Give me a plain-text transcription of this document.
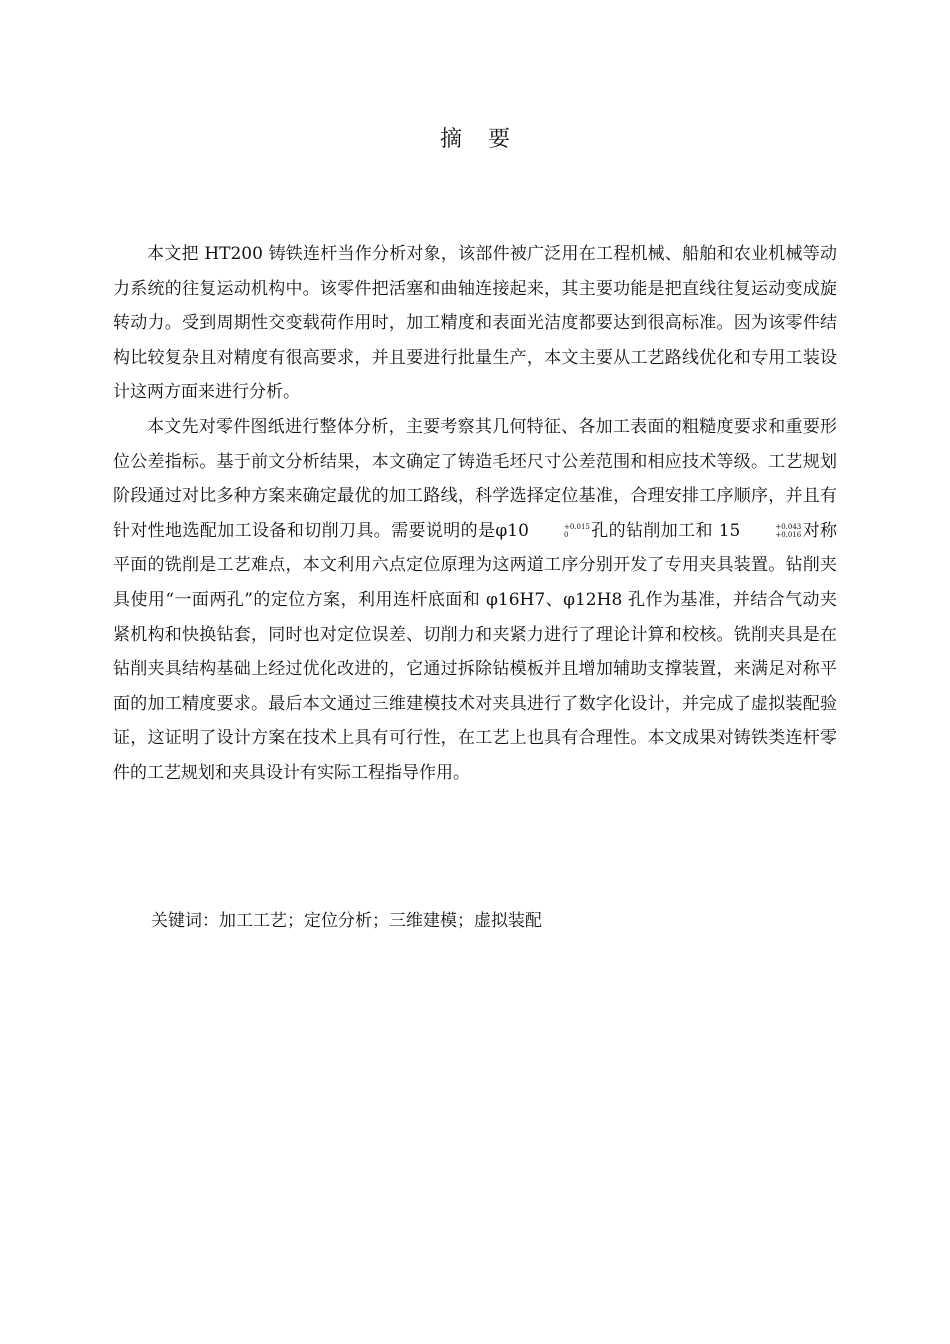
摘 要

本文把 HT200 铸铁连杆当作分析对象，该部件被广泛用在工程机械、船舶和农业机械等动力系统的往复运动机构中。该零件把活塞和曲轴连接起来，其主要功能是把直线往复运动变成旋转动力。受到周期性交变载荷作用时，加工精度和表面光洁度都要达到很高标准。因为该零件结构比较复杂且对精度有很高要求，并且要进行批量生产，本文主要从工艺路线优化和专用工装设计这两方面来进行分析。

本文先对零件图纸进行整体分析，主要考察其几何特征、各加工表面的粗糙度要求和重要形位公差指标。基于前文分析结果，本文确定了铸造毛坯尺寸公差范围和相应技术等级。工艺规划阶段通过对比多种方案来确定最优的加工路线，科学选择定位基准，合理安排工序顺序，并且有针对性地选配加工设备和切削刀具。需要说明的是φ10	+0.015
0	孔的钻削加工和 15	+0.043
+0.016 对称平面的铣削是工艺难点，本文利用六点定位原理为这两道工序分别开发了专用夹具装置。钻削夹具使用“一面两孔”的定位方案，利用连杆底面和 φ16H7、φ12H8 孔作为基准，并结合气动夹紧机构和快换钻套，同时也对定位误差、切削力和夹紧力进行了理论计算和校核。铣削夹具是在钻削夹具结构基础上经过优化改进的，它通过拆除钻模板并且增加辅助支撑装置，来满足对称平面的加工精度要求。最后本文通过三维建模技术对夹具进行了数字化设计，并完成了虚拟装配验证，这证明了设计方案在技术上具有可行性，在工艺上也具有合理性。本文成果对铸铁类连杆零件的工艺规划和夹具设计有实际工程指导作用。

关键词：加工工艺；定位分析；三维建模；虚拟装配
